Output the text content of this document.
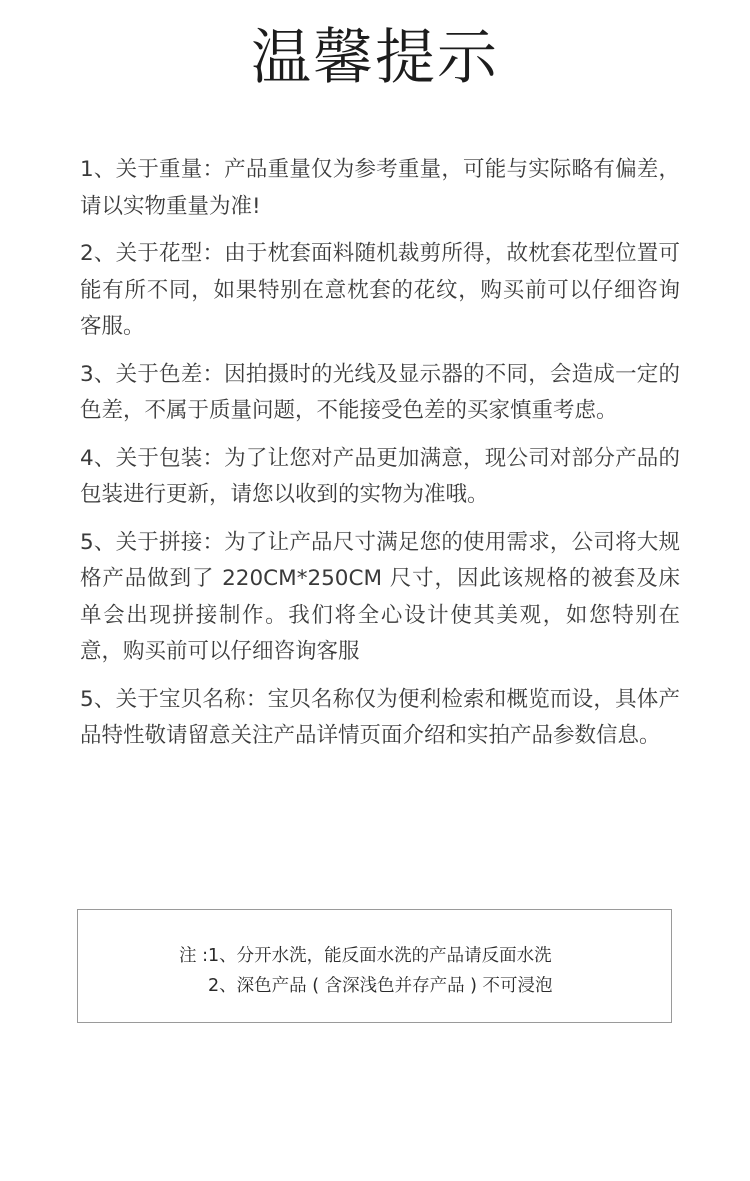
温馨提示
1、关于重量：产品重量仅为参考重量，可能与实际略有偏差，请以实物重量为准!
2、关于花型：由于枕套面料随机裁剪所得，故枕套花型位置可能有所不同，如果特别在意枕套的花纹，购买前可以仔细咨询客服。
3、关于色差：因拍摄时的光线及显示器的不同，会造成一定的色差，不属于质量问题，不能接受色差的买家慎重考虑。
4、关于包装：为了让您对产品更加满意，现公司对部分产品的包装进行更新，请您以收到的实物为准哦。
5、关于拼接：为了让产品尺寸满足您的使用需求，公司将大规格产品做到了 220CM*250CM 尺寸，因此该规格的被套及床单会出现拼接制作。我们将全心设计使其美观，如您特别在意，购买前可以仔细咨询客服
5、关于宝贝名称：宝贝名称仅为便利检索和概览而设，具体产品特性敬请留意关注产品详情页面介绍和实拍产品参数信息。
注 :1、分开水洗，能反面水洗的产品请反面水洗
2、深色产品 ( 含深浅色并存产品 ) 不可浸泡
